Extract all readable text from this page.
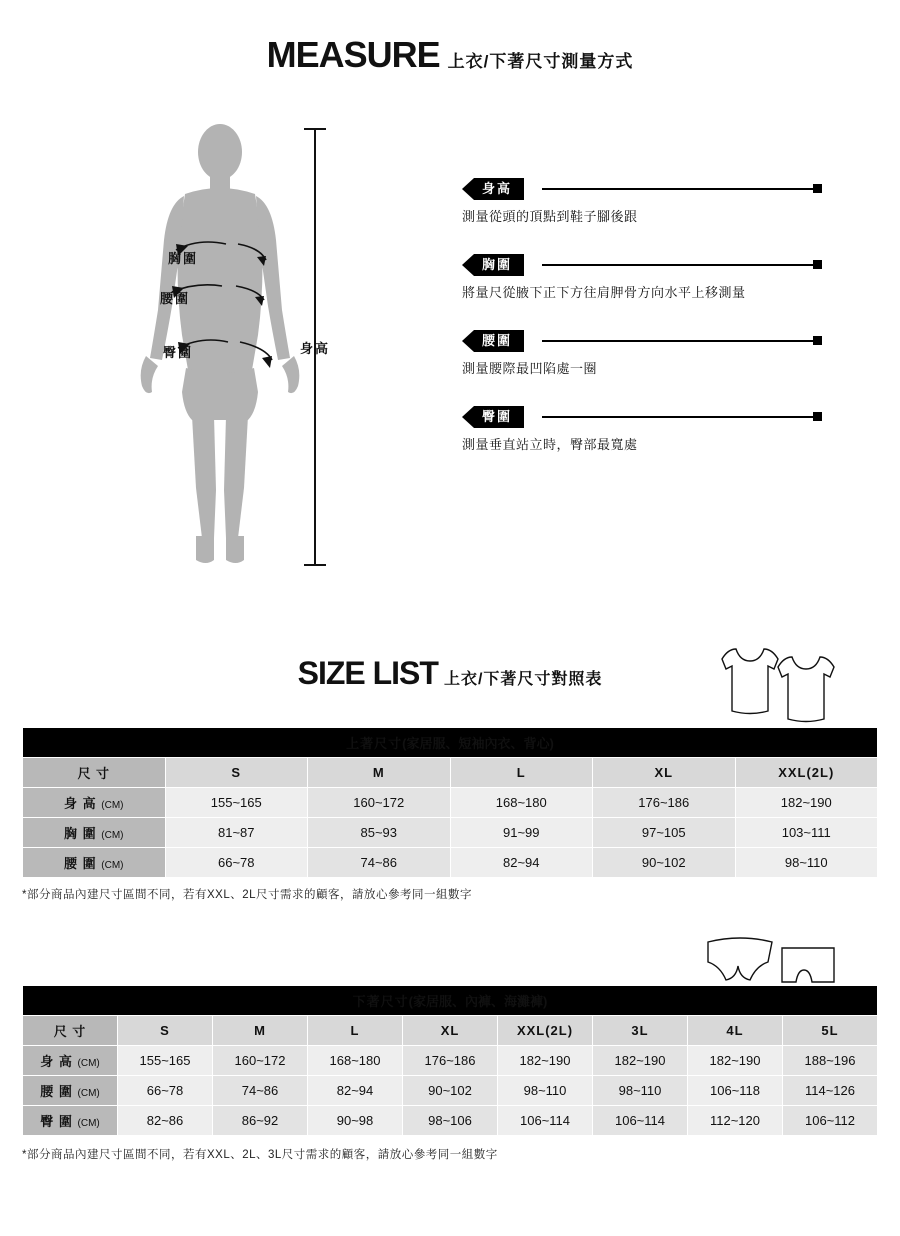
MEASURE 上衣/下著尺寸測量方式
胸圍
腰圍
臀圍	身高
身高
測量從頭的頂點到鞋子腳後跟
胸圍
將量尺從腋下正下方往肩胛骨方向水平上移測量
腰圍
測量腰際最凹陷處一圈
臀圍
測量垂直站立時，臀部最寬處
SIZE LIST 上衣/下著尺寸對照表
上著尺寸(家居服、短袖內衣、背心)					
尺 寸	S	M	L	XL	XXL(2L)
身 高 (CM)	155~165	160~172	168~180	176~186	182~190
胸 圍 (CM)	81~87	85~93	91~99	97~105	103~111
腰 圍 (CM)	66~78	74~86	82~94	90~102	98~110
*部分商品內建尺寸區間不同，若有XXL、2L尺寸需求的顧客，請放心參考同一組數字
下著尺寸(家居服、內褲、海灘褲)								
尺 寸	S	M	L	XL	XXL(2L)	3L	4L	5L
身 高 (CM)	155~165	160~172	168~180	176~186	182~190	182~190	182~190	188~196
腰 圍 (CM)	66~78	74~86	82~94	90~102	98~110	98~110	106~118	114~126
臀 圍 (CM)	82~86	86~92	90~98	98~106	106~114	106~114	112~120	106~112
*部分商品內建尺寸區間不同，若有XXL、2L、3L尺寸需求的顧客，請放心參考同一組數字
